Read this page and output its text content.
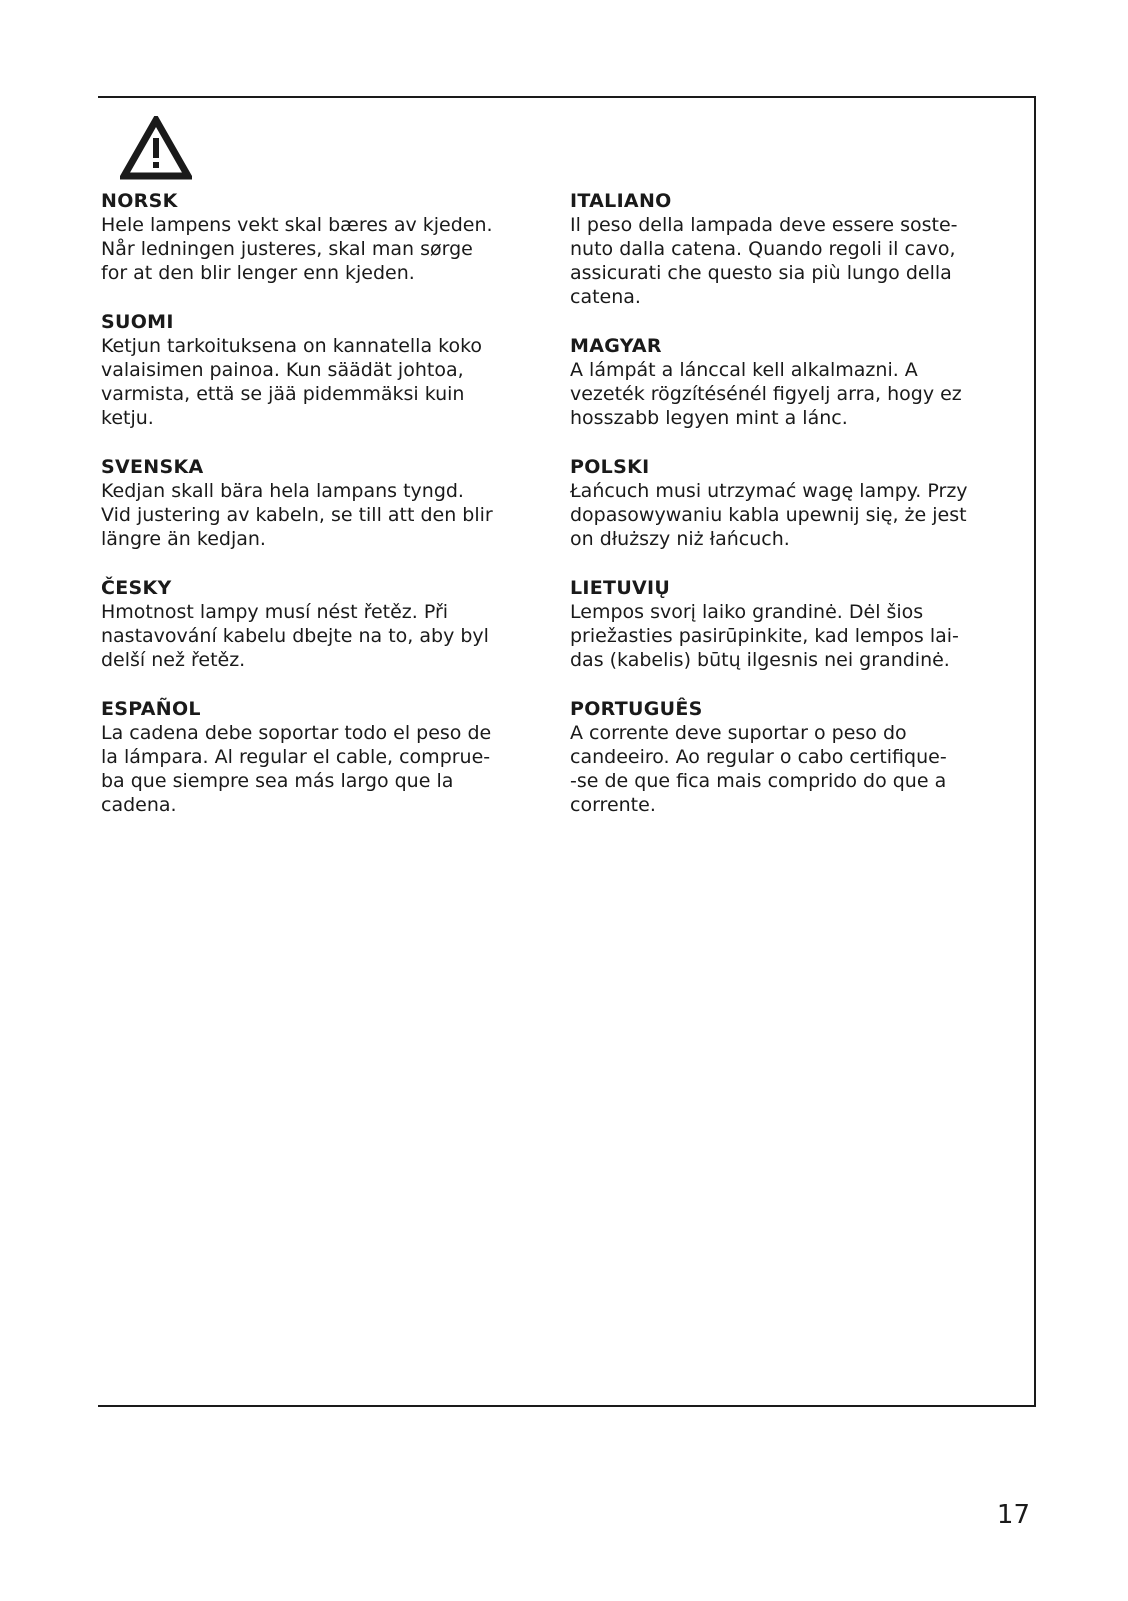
NORSK

Hele lampens vekt skal bæres av kjeden.
Når ledningen justeres, skal man sørge
for at den blir lenger enn kjeden.

SUOMI

Ketjun tarkoituksena on kannatella koko
valaisimen painoa. Kun säädät johtoa,
varmista, että se jää pidemmäksi kuin
ketju.

SVENSKA

Kedjan skall bära hela lampans tyngd.
Vid justering av kabeln, se till att den blir
längre än kedjan.

ČESKY

Hmotnost lampy musí nést řetěz. Při
nastavování kabelu dbejte na to, aby byl
delší než řetěz.

ESPAÑOL

La cadena debe soportar todo el peso de
la lámpara. Al regular el cable, comprue-
ba que siempre sea más largo que la
cadena.

ITALIANO

Il peso della lampada deve essere soste-
nuto dalla catena. Quando regoli il cavo,
assicurati che questo sia più lungo della
catena.

MAGYAR

A lámpát a lánccal kell alkalmazni. A
vezeték rögzítésénél figyelj arra, hogy ez
hosszabb legyen mint a lánc.

POLSKI

Łańcuch musi utrzymać wagę lampy. Przy
dopasowywaniu kabla upewnij się, że jest
on dłuższy niż łańcuch.

LIETUVIŲ

Lempos svorį laiko grandinė. Dėl šios
priežasties pasirūpinkite, kad lempos lai-
das (kabelis) būtų ilgesnis nei grandinė.

PORTUGUÊS

A corrente deve suportar o peso do
candeeiro. Ao regular o cabo certifique-
-se de que fica mais comprido do que a
corrente.

17
